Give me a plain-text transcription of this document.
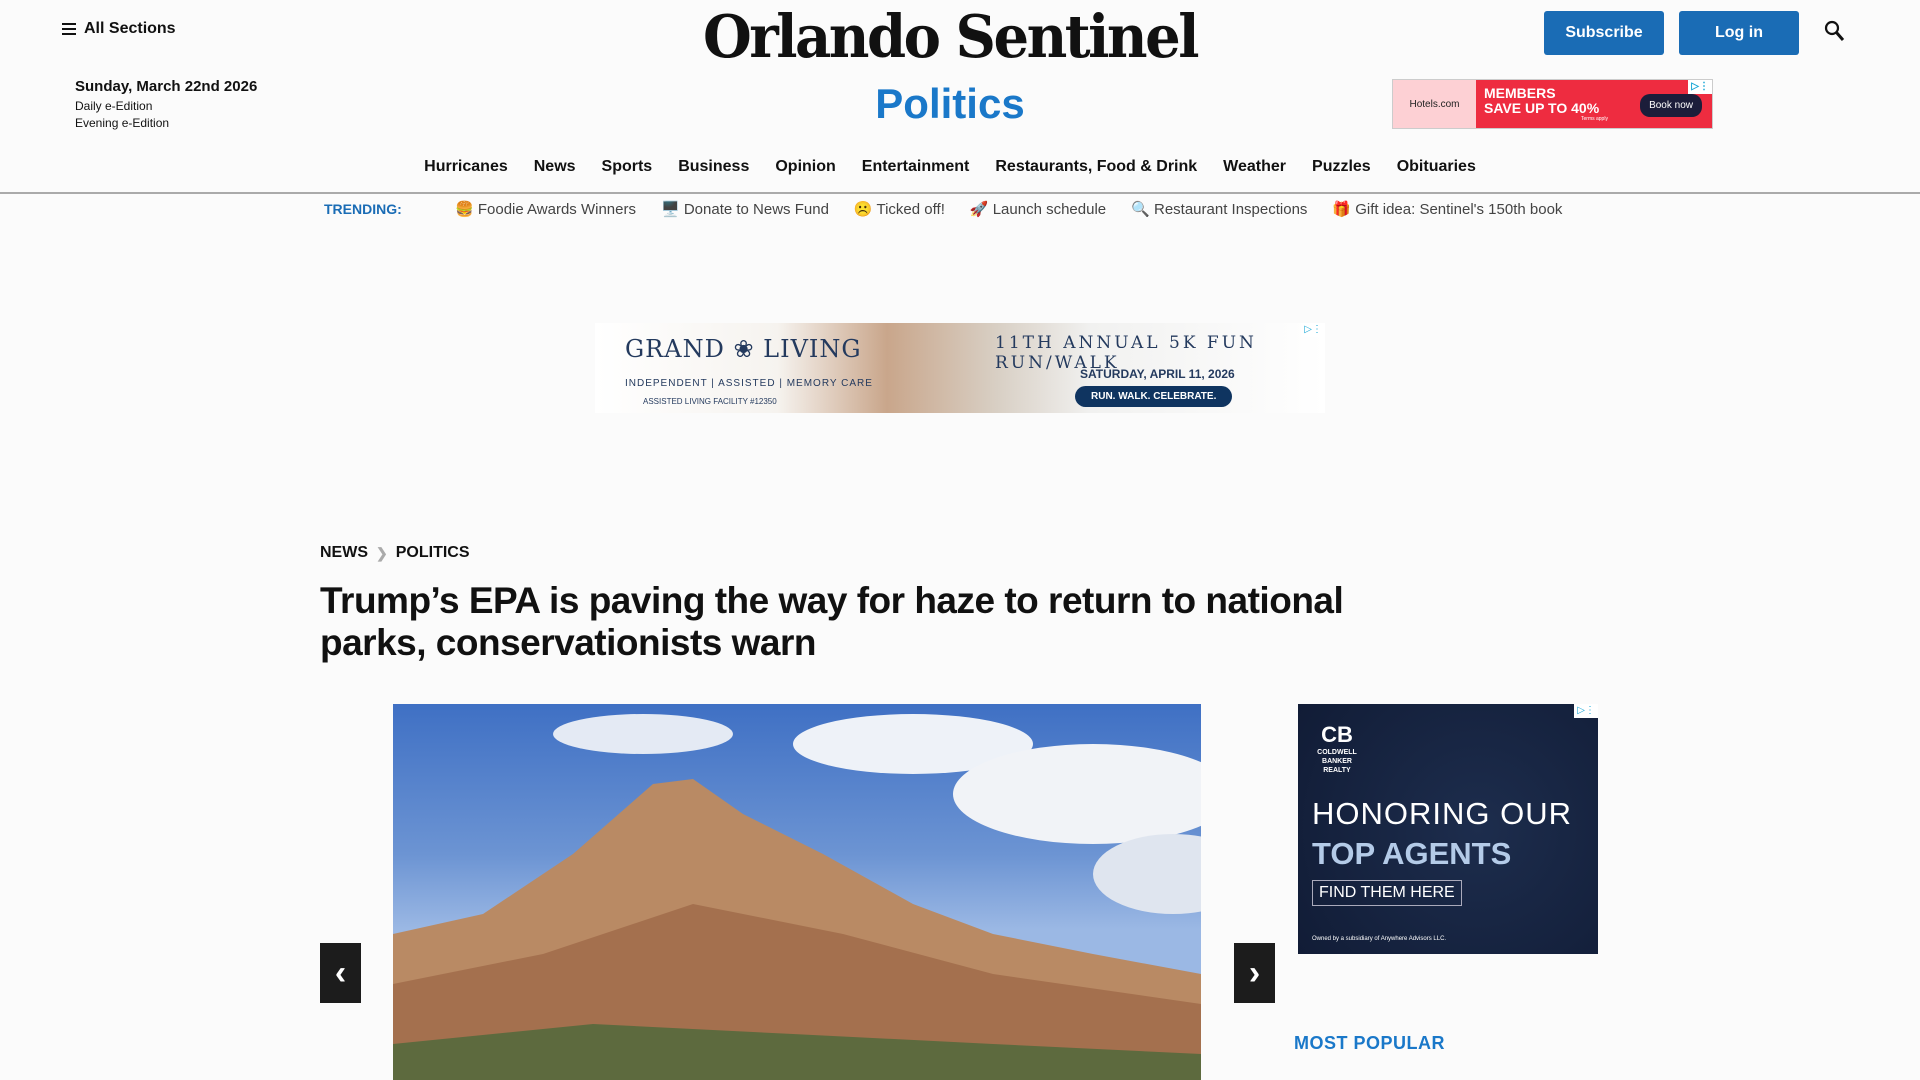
All Sections	Orlando Sentinel	Subscribe	Log in
Sunday, March 22nd 2026
Daily e-Edition
Evening e-Edition	Politics	Hotels.com
MEMBERS
SAVE UP TO 40%
Terms apply
Book now
▷⋮
Hurricanes News Sports Business Opinion Entertainment Restaurants, Food & Drink Weather Puzzles Obituaries
TRENDING:	🍔 Foodie Awards Winners 🖥️ Donate to News Fund ☹️ Ticked off! 🚀 Launch schedule 🔍 Restaurant Inspections 🎁 Gift idea: Sentinel's 150th book
GRAND ❀ LIVING
INDEPENDENT | ASSISTED | MEMORY CARE
ASSISTED LIVING FACILITY #12350
11TH ANNUAL 5K FUN RUN/WALK
SATURDAY, APRIL 11, 2026
RUN. WALK. CELEBRATE.
▷⋮
NEWS ❯ POLITICS
Trump’s EPA is paving the way for haze to return to national parks, conservationists warn
‹	›
CB
COLDWELL BANKER REALTY
HONORING OUR
TOP AGENTS
FIND THEM HERE
Owned by a subsidiary of Anywhere Advisors LLC.
▷⋮
MOST POPULAR
